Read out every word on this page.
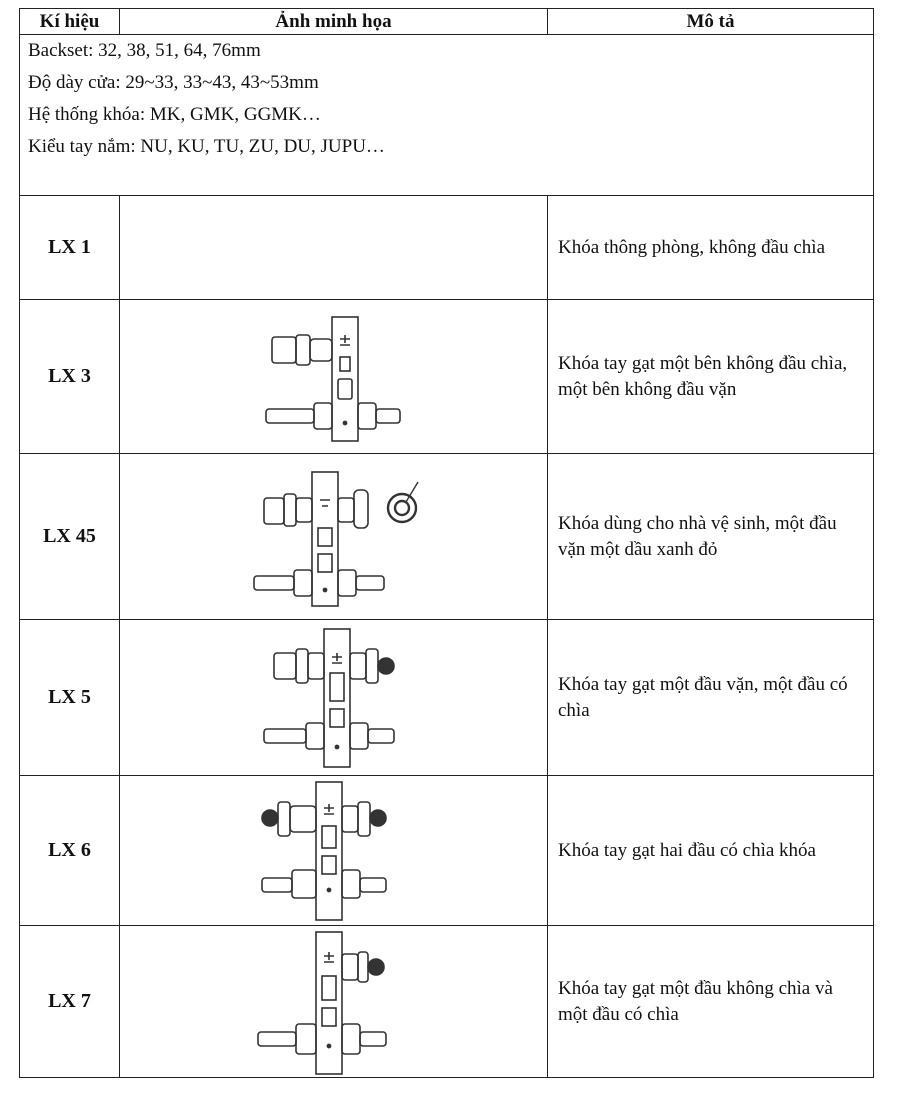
Kí hiệu	Ảnh minh họa	Mô tả

Backset: 32, 38, 51, 64, 76mm
Độ dày cửa: 29~33, 33~43, 43~53mm
Hệ thống khóa: MK, GMK, GGMK…
Kiểu tay nắm: NU, KU, TU, ZU, DU, JUPU…		

LX 1		Khóa thông phòng, không đầu chìa
LX 3		Khóa tay gạt một bên không đầu chìa, một bên không đầu vặn
LX 45		Khóa dùng cho nhà vệ sinh, một đầu vặn một dầu xanh đỏ
LX 5		Khóa tay gạt một đầu vặn, một đầu có chìa
LX 6		Khóa tay gạt hai đầu có chìa khóa
LX 7		Khóa tay gạt một đầu không chìa và một đầu có chìa
